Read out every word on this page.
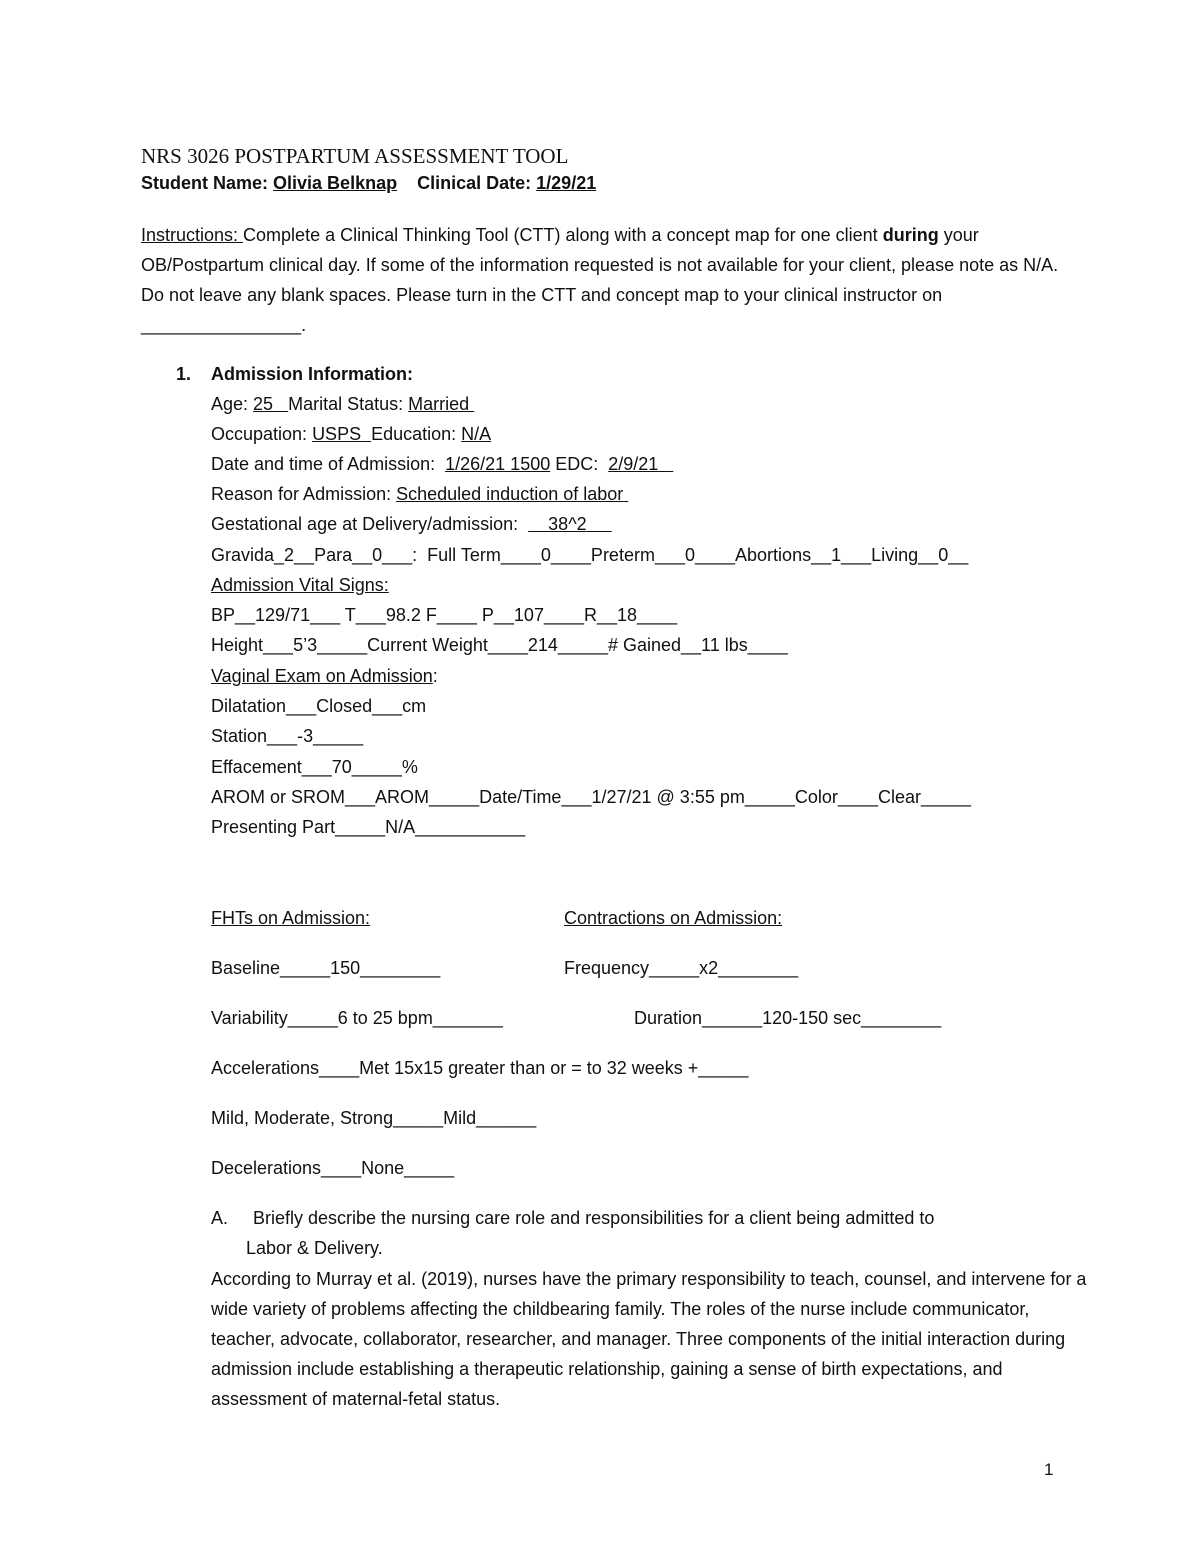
NRS 3026 POSTPARTUM ASSESSMENT TOOL
Student Name: Olivia Belknap Clinical Date: 1/29/21
Instructions: Complete a Clinical Thinking Tool (CTT) along with a concept map for one client during your OB/Postpartum clinical day. If some of the information requested is not available for your client, please note as N/A. Do not leave any blank spaces. Please turn in the CTT and concept map to your clinical instructor on ________________.
1. Admission Information:
Age: 25 Marital Status: Married
Occupation: USPS Education: N/A
Date and time of Admission:  1/26/21 1500 EDC:  2/9/21
Reason for Admission: Scheduled induction of labor
Gestational age at Delivery/admission:      38^2
Gravida_2__Para__0___:  Full Term____0____Preterm___0____Abortions__1___Living__0__
Admission Vital Signs:
BP__129/71___ T___98.2 F____ P__107____R__18____
Height___5’3_____Current Weight____214_____# Gained__11 lbs____
Vaginal Exam on Admission:
Dilatation___Closed___cm
Station___-3_____
Effacement___70_____%
AROM or SROM___AROM_____Date/Time___1/27/21 @ 3:55 pm_____Color____Clear_____
Presenting Part_____N/A___________
FHTs on Admission:	Contractions on Admission:
Baseline_____150________	Frequency_____x2________
Variability_____6 to 25 bpm_______	Duration______120-150 sec________
Accelerations____Met 15x15 greater than or = to 32 weeks +_____
Mild, Moderate, Strong_____Mild______
Decelerations____None_____
A. Briefly describe the nursing care role and responsibilities for a client being admitted to
Labor & Delivery.
According to Murray et al. (2019), nurses have the primary responsibility to teach, counsel, and intervene for a wide variety of problems affecting the childbearing family. The roles of the nurse include communicator, teacher, advocate, collaborator, researcher, and manager. Three components of the initial interaction during admission include establishing a therapeutic relationship, gaining a sense of birth expectations, and assessment of maternal-fetal status.
1
